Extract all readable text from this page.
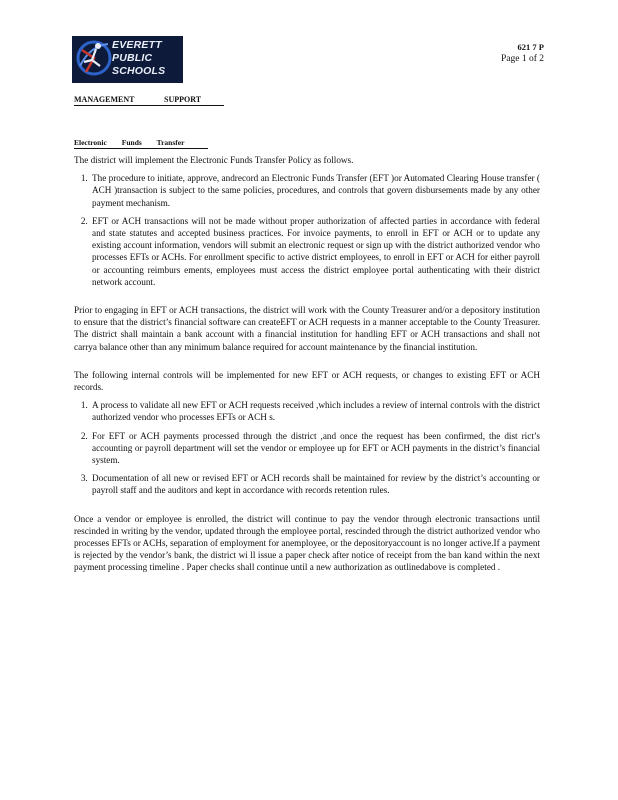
EVERETT
PUBLIC
SCHOOLS
621 7 P
Page 1 of 2
MANAGEMENT	SUPPORT
Electronic        Funds        Transfer

The district will implement the Electronic Funds Transfer Policy as follows.

1. The procedure to initiate, approve, andrecord an Electronic Funds Transfer (EFT )or Automated Clearing House transfer ( ACH )transaction is subject to the same policies, procedures, and controls that govern disbursements made by any other payment mechanism.
2. EFT or ACH transactions will not be made without proper authorization of affected parties in accordance with federal and state statutes and accepted business practices. For invoice payments, to enroll in EFT or ACH or to update any existing account information, vendors will submit an electronic request or sign up with the district authorized vendor who processes EFTs or ACHs. For enrollment specific to active district employees, to enroll in EFT or ACH for either payroll or accounting reimburs ements, employees must access the district employee portal authenticating with their district network account.

Prior to engaging in EFT or ACH transactions, the district will work with the County Treasurer and/or a depository institution to ensure that the district’s financial software can createEFT or ACH requests in a manner acceptable to the County Treasurer. The district shall maintain a bank account with a financial institution for handling EFT or ACH transactions and shall not carrya balance other than any minimum balance required for account maintenance by the financial institution.

The following internal controls will be implemented for new EFT or ACH requests, or changes to existing EFT or ACH records.

1. A process to validate all new EFT or ACH requests received ,which includes a review of internal controls with the district authorized vendor who processes EFTs or ACH s.
2. For EFT or ACH payments processed through the district ,and once the request has been confirmed, the dist rict’s accounting or payroll department will set the vendor or employee up for EFT or ACH payments in the district’s financial system.
3. Documentation of all new or revised EFT or ACH records shall be maintained for review by the district’s accounting or payroll staff and the auditors and kept in accordance with records retention rules.

Once a vendor or employee is enrolled, the district will continue to pay the vendor through electronic transactions until rescinded in writing by the vendor, updated through the employee portal, rescinded through the district authorized vendor who processes EFTs or ACHs, separation of employment for anemployee, or the depositoryaccount is no longer active.If a payment is rejected by the vendor’s bank, the district wi ll issue a paper check after notice of receipt from the ban kand within the next payment processing timeline . Paper checks shall continue until a new authorization as outlinedabove is completed .
